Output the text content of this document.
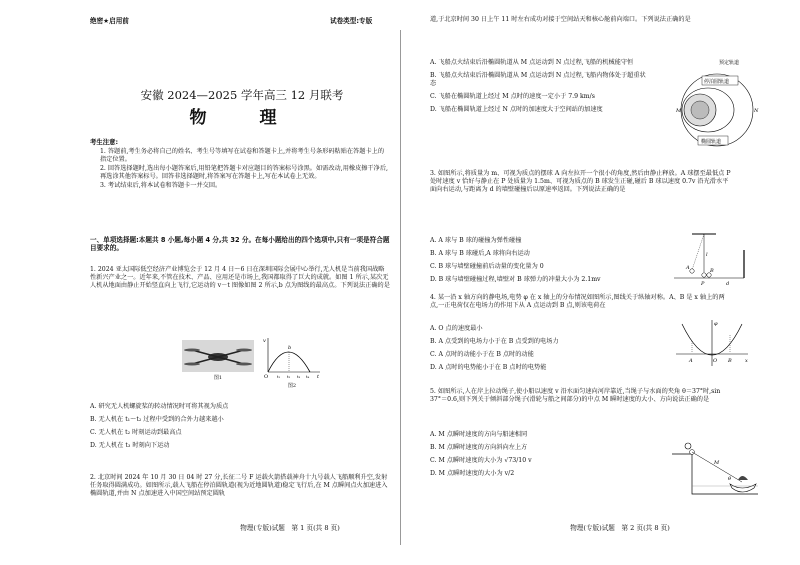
绝密★启用前	试卷类型:专版
安徽 2024—2025 学年高三 12 月联考
物　理
考生注意:

1. 答题前,考生务必将自己的姓名、考生号等填写在试卷和答题卡上,并将考生号条形码粘贴在答题卡上的指定位置。

2. 回答选择题时,选出每小题答案后,用铅笔把答题卡对应题目的答案标号涂黑。如需改动,用橡皮擦干净后,再选涂其他答案标号。回答非选择题时,将答案写在答题卡上,写在本试卷上无效。

3. 考试结束后,将本试卷和答题卡一并交回。

一、单项选择题:本题共 8 小题,每小题 4 分,共 32 分。在每小题给出的四个选项中,只有一项是符合题目要求的。

1. 2024 亚太国际低空经济产业博览会于 12 月 4 日～6 日在深圳国际会展中心举行,无人机是当前我国战略性新兴产业之一。近年来,不管在技术、产品、应用还是市场上,我国都取得了巨大的成就。如图 1 所示,某次无人机从地面由静止开始竖直向上飞行,它运动的 v－t 图像如图 2 所示,b 点为图线的最高点。下列说法正确的是

图1
v
b
t
O t₁ t₂ t₃ t₄
图2
A. 研究无人机螺旋桨的转动情况时可将其视为质点
B. 无人机在 t₁～t₂ 过程中受到的合外力越来越小
C. 无人机在 t₂ 时刻运动到最高点
D. 无人机在 t₃ 时刻向下运动

2. 北京时间 2024 年 10 月 30 日 04 时 27 分,长征二号 F 运载火箭搭载神舟十九号载人飞船顺利升空,发射任务取得圆满成功。如图所示,载人飞船在停泊圆轨道(视为近地圆轨道)稳定飞行后,在 M 点瞬间点火加速进入椭圆轨道,并由 N 点加速进入中国空间站预定圆轨

物理(专版)试题　第 1 页(共 8 页)

道,于北京时间 30 日上午 11 时左右成功对接于空间站天和核心舱前向端口。下列说法正确的是

A. 飞船点火结束后沿椭圆轨道从 M 点运动到 N 点过程,飞船的机械能守恒
B. 飞船点火结束后沿椭圆轨道从 M 点运动到 N 点过程,飞船内物体处于超重状态
C. 飞船在椭圆轨道上经过 M 点时的速度一定小于 7.9 km/s
D. 飞船在椭圆轨道上经过 N 点时的加速度大于空间站的加速度
停泊圆轨道
预定轨道
椭圆轨道
M	N

3. 如图所示,将质量为 m、可视为质点的摆球 A 向左拉开一个很小的角度,然后由静止释放。A 球摆至最低点 P 处时速度 v 恰好与静止在 P 处质量为 1.5m、可视为质点的 B 球发生正碰,碰后 B 球以速度 0.7v 沿光滑水平面向右运动,与距离为 d 的墙壁碰撞后以原速率返回。下列说法正确的是

A. A 球与 B 球的碰撞为弹性碰撞
B. A 球与 B 球碰后,A 球将向右运动
C. B 球与墙壁碰撞前后动量的变化量为 0
D. B 球与墙壁碰撞过程,墙壁对 B 球弹力的冲量大小为 2.1mv
l
A	B
P	d

4. 某一沿 x 轴方向的静电场,电势 φ 在 x 轴上的分布情况如图所示,图线关于纵轴对称。A、B 是 x 轴上的两点,一正电荷仅在电场力的作用下从 A 点运动到 B 点,则该电荷在

A. O 点的速度最小
B. A 点受到的电场力小于在 B 点受到的电场力
C. A 点时的动能小于在 B 点时的动能
D. A 点时的电势能小于在 B 点时的电势能
φ
A	O B	x

5. 如图所示,人在岸上拉动绳子,使小船以速度 v 沿水面匀速向河岸靠近,当绳子与水面的夹角 θ＝37°时,sin 37°＝0.6,则下列关于倾斜部分绳子(滑轮与船之间部分)的中点 M 瞬时速度的大小、方向说法正确的是

A. M 点瞬时速度的方向与船速相同
B. M 点瞬时速度的方向斜向左上方
C. M 点瞬时速度的大小为 √73/10 v
D. M 点瞬时速度的大小为 v/2
M
θ
物理(专版)试题　第 2 页(共 8 页)
